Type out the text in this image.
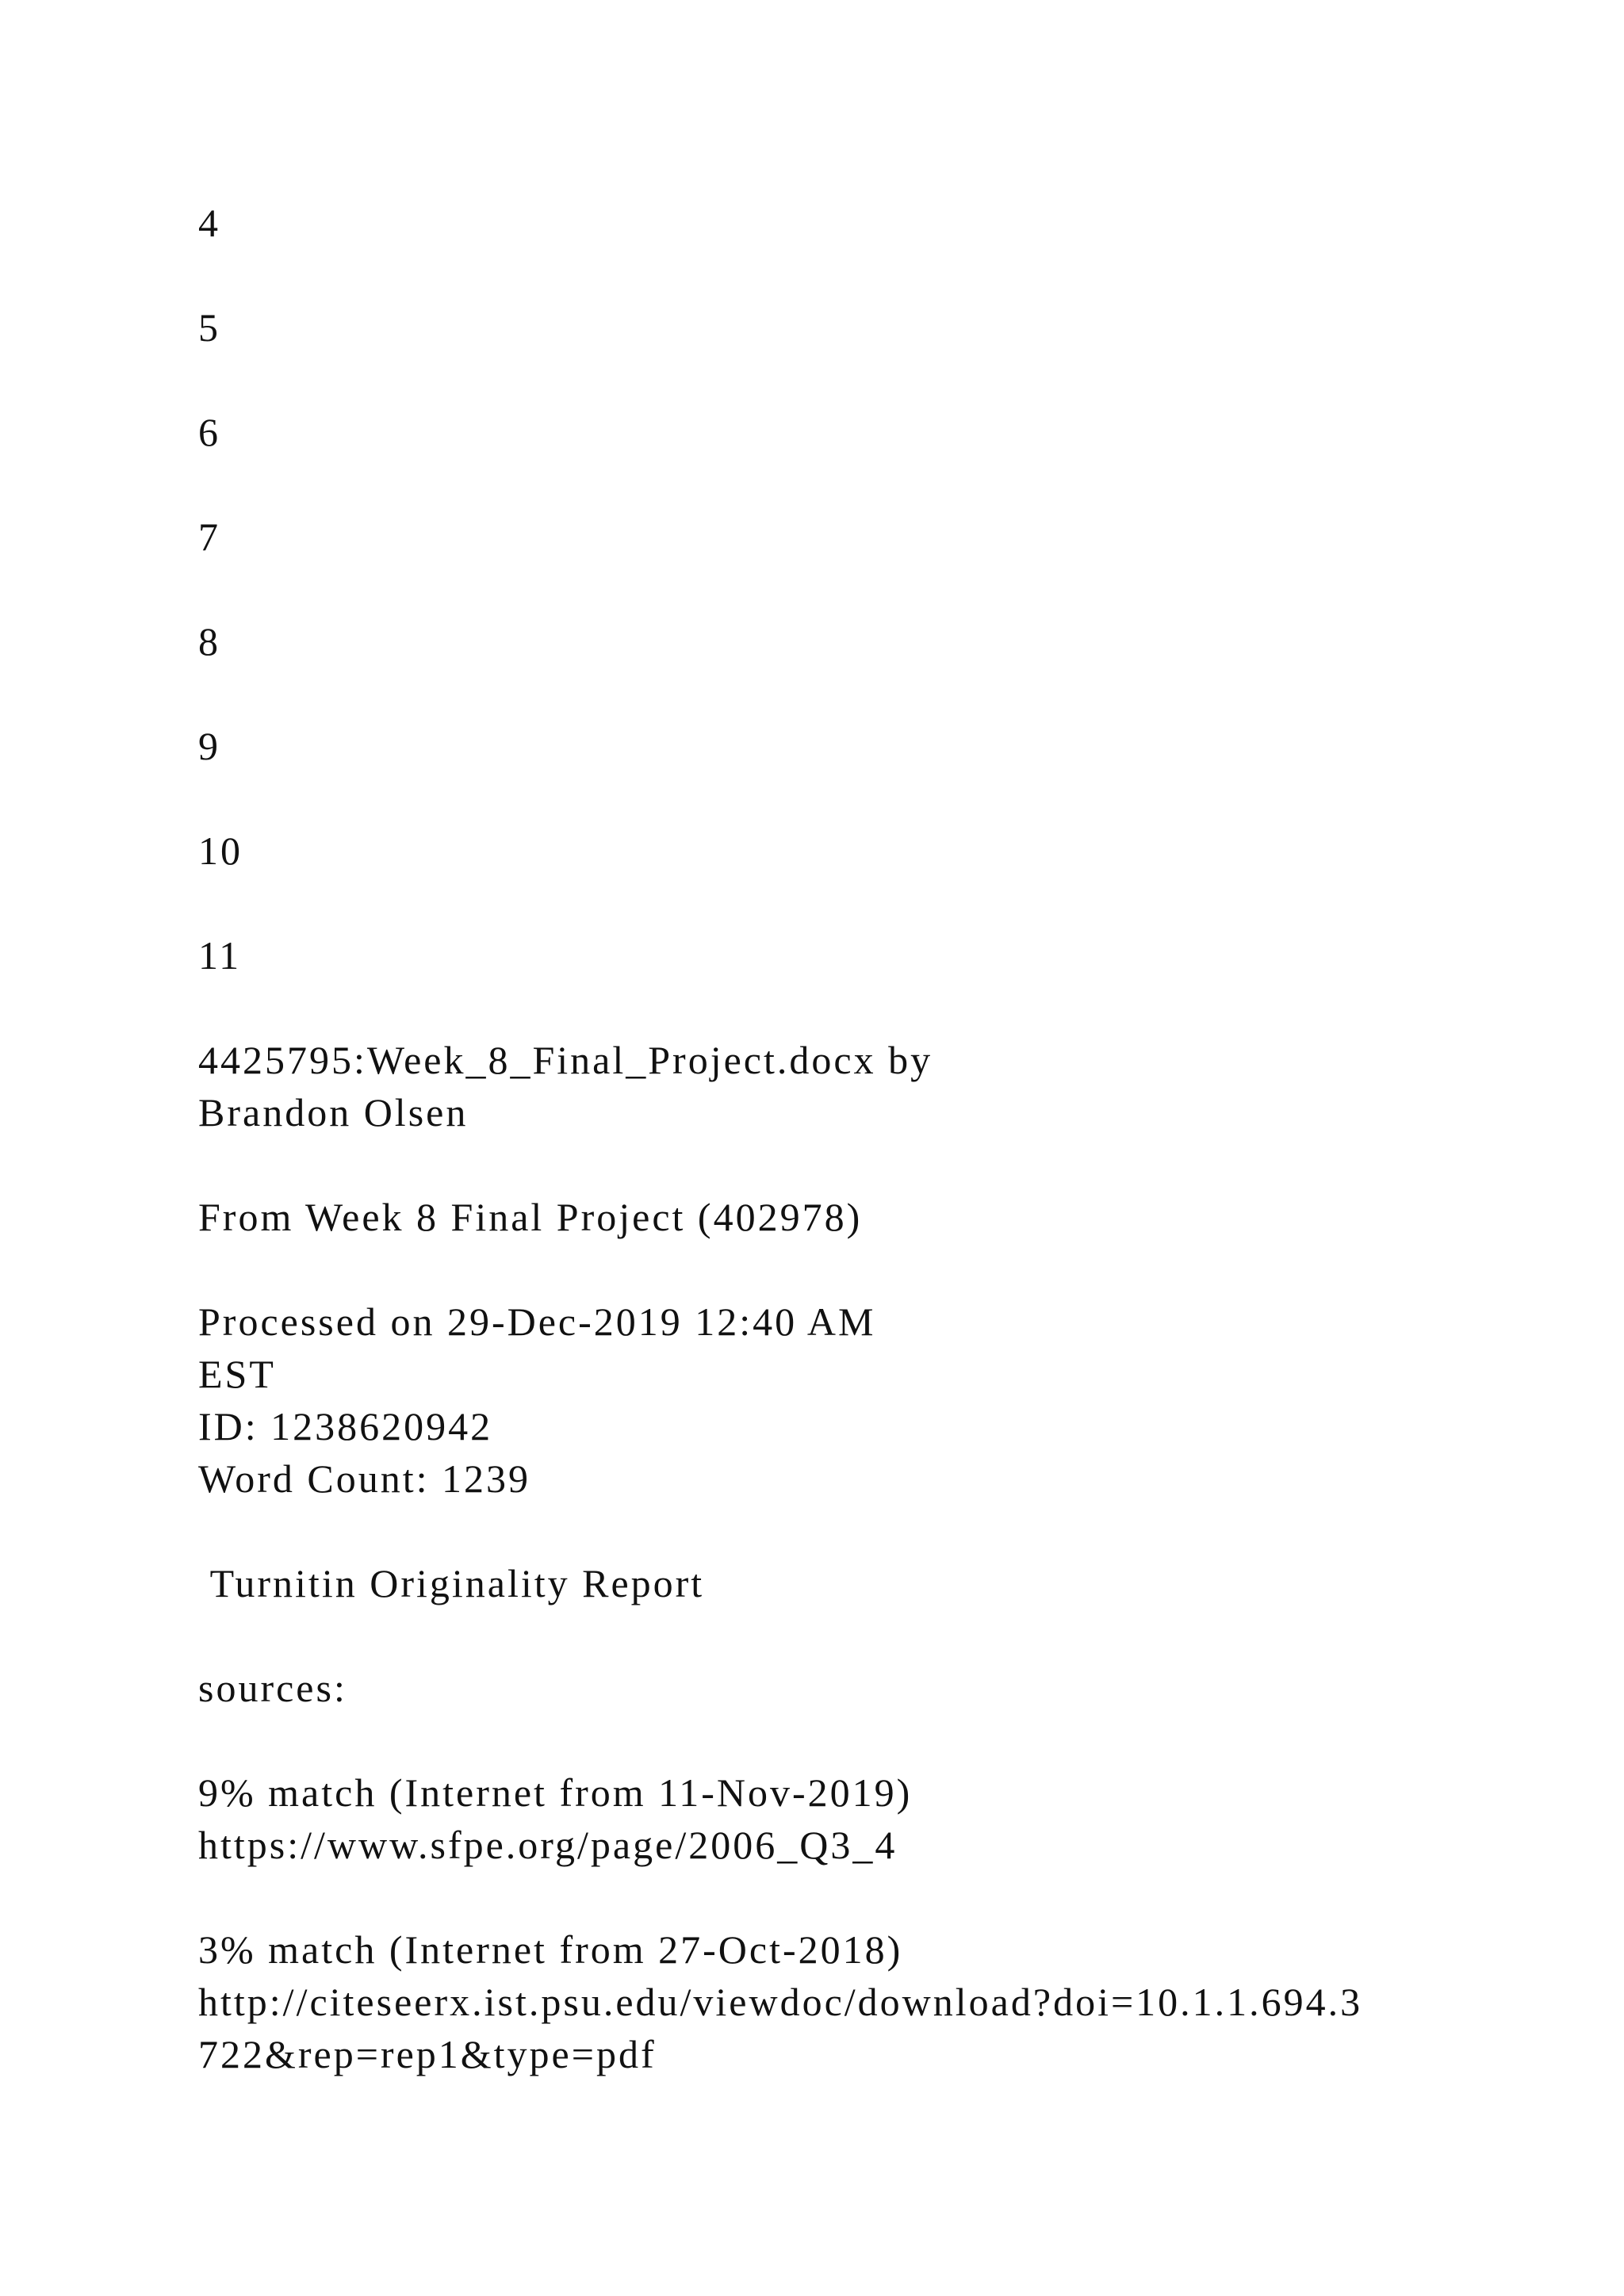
4
5
6
7
8
9
10
11
4425795:Week_8_Final_Project.docx by
Brandon Olsen
From Week 8 Final Project (402978)
Processed on 29-Dec-2019 12:40 AM
EST
ID: 1238620942
Word Count: 1239
Turnitin Originality Report
sources:
9% match (Internet from 11-Nov-2019)
https://www.sfpe.org/page/2006_Q3_4
3% match (Internet from 27-Oct-2018)
http://citeseerx.ist.psu.edu/viewdoc/download?doi=10.1.1.694.3
722&rep=rep1&type=pdf
